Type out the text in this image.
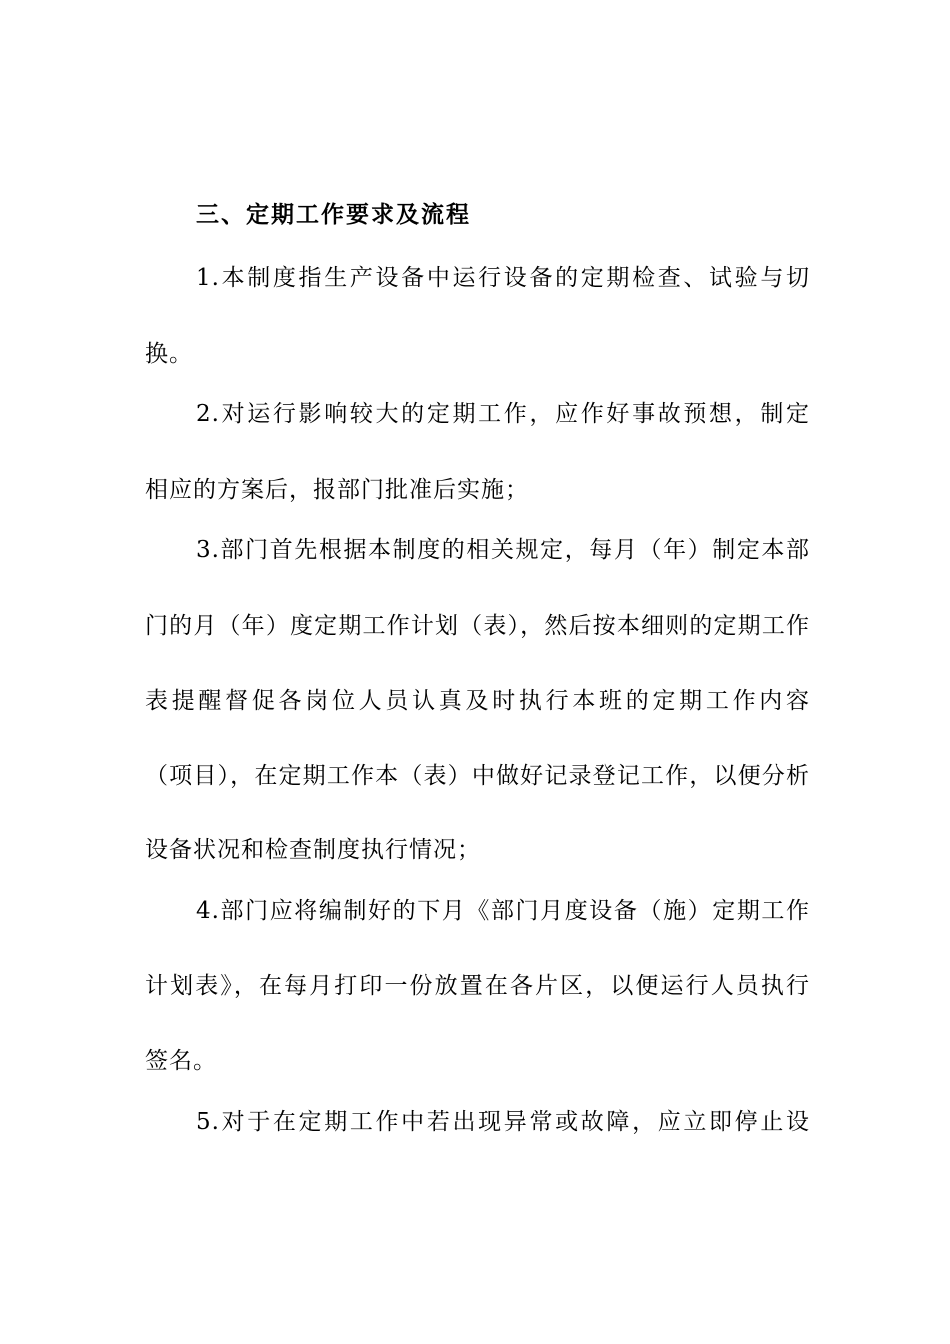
三、定期工作要求及流程
1.本制度指生产设备中运行设备的定期检查、试验与切
换。
2.对运行影响较大的定期工作，应作好事故预想，制定
相应的方案后，报部门批准后实施；
3.部门首先根据本制度的相关规定，每月（年）制定本部
门的月（年）度定期工作计划（表），然后按本细则的定期工作
表提醒督促各岗位人员认真及时执行本班的定期工作内容
（项目），在定期工作本（表）中做好记录登记工作，以便分析
设备状况和检查制度执行情况；
4.部门应将编制好的下月《部门月度设备（施）定期工作
计划表》，在每月打印一份放置在各片区，以便运行人员执行
签名。
5.对于在定期工作中若出现异常或故障，应立即停止设
